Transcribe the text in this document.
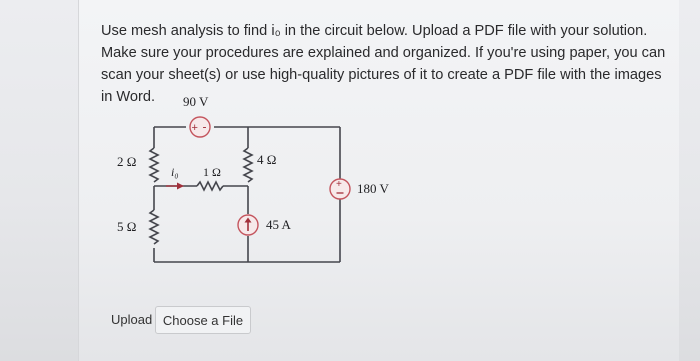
Use mesh analysis to find i₀ in the circuit below. Upload a PDF file with your solution. Make sure your procedures are explained and organized. If you're using paper, you can scan your sheet(s) or use high-quality pictures of it to create a PDF file with the images in Word.

+ -
+
90 V
2 Ω
5 Ω
1 Ω
4 Ω
i₀
45 A
180 V
Upload Choose a File
